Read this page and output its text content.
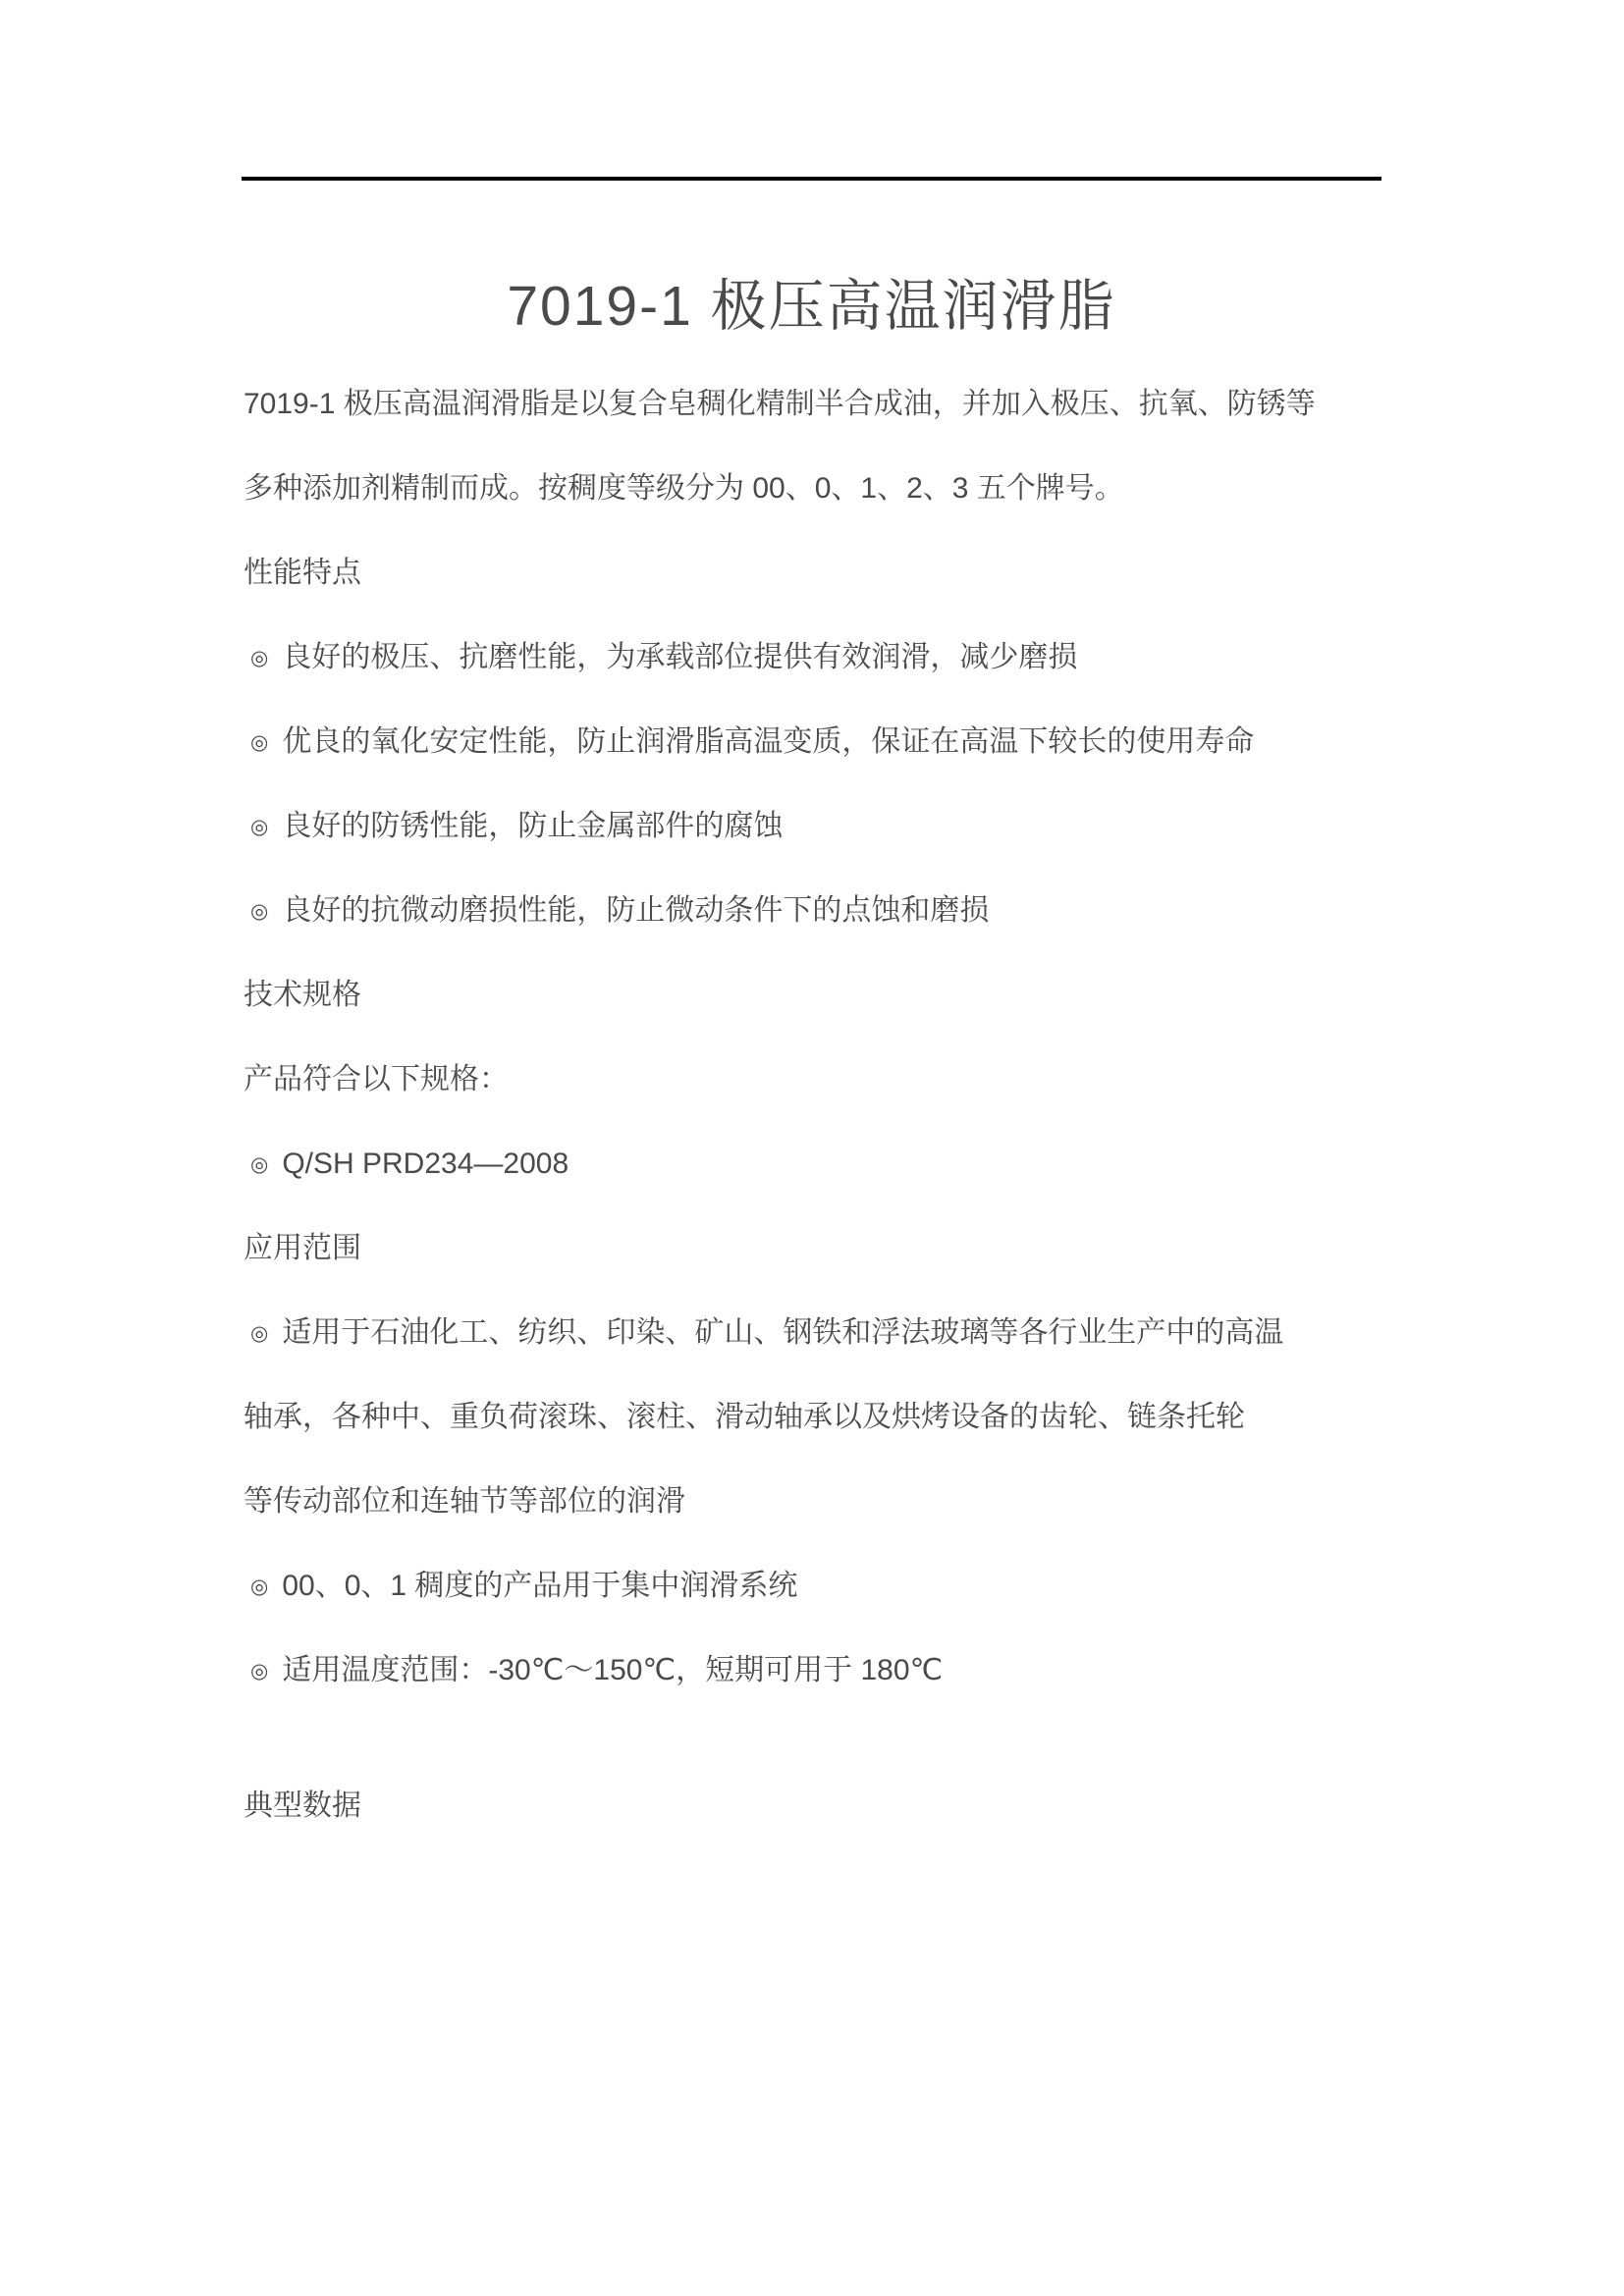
7019-1 极压高温润滑脂
7019-1 极压高温润滑脂是以复合皂稠化精制半合成油，并加入极压、抗氧、防锈等
多种添加剂精制而成。按稠度等级分为 00、0、1、2、3 五个牌号。
性能特点
◎ 良好的极压、抗磨性能，为承载部位提供有效润滑，减少磨损
◎ 优良的氧化安定性能，防止润滑脂高温变质，保证在高温下较长的使用寿命
◎ 良好的防锈性能，防止金属部件的腐蚀
◎ 良好的抗微动磨损性能，防止微动条件下的点蚀和磨损
技术规格
产品符合以下规格：
◎ Q/SH PRD234—2008
应用范围
◎ 适用于石油化工、纺织、印染、矿山、钢铁和浮法玻璃等各行业生产中的高温
轴承，各种中、重负荷滚珠、滚柱、滑动轴承以及烘烤设备的齿轮、链条托轮
等传动部位和连轴节等部位的润滑
◎ 00、0、1 稠度的产品用于集中润滑系统
◎ 适用温度范围：-30℃～150℃，短期可用于 180℃
典型数据
